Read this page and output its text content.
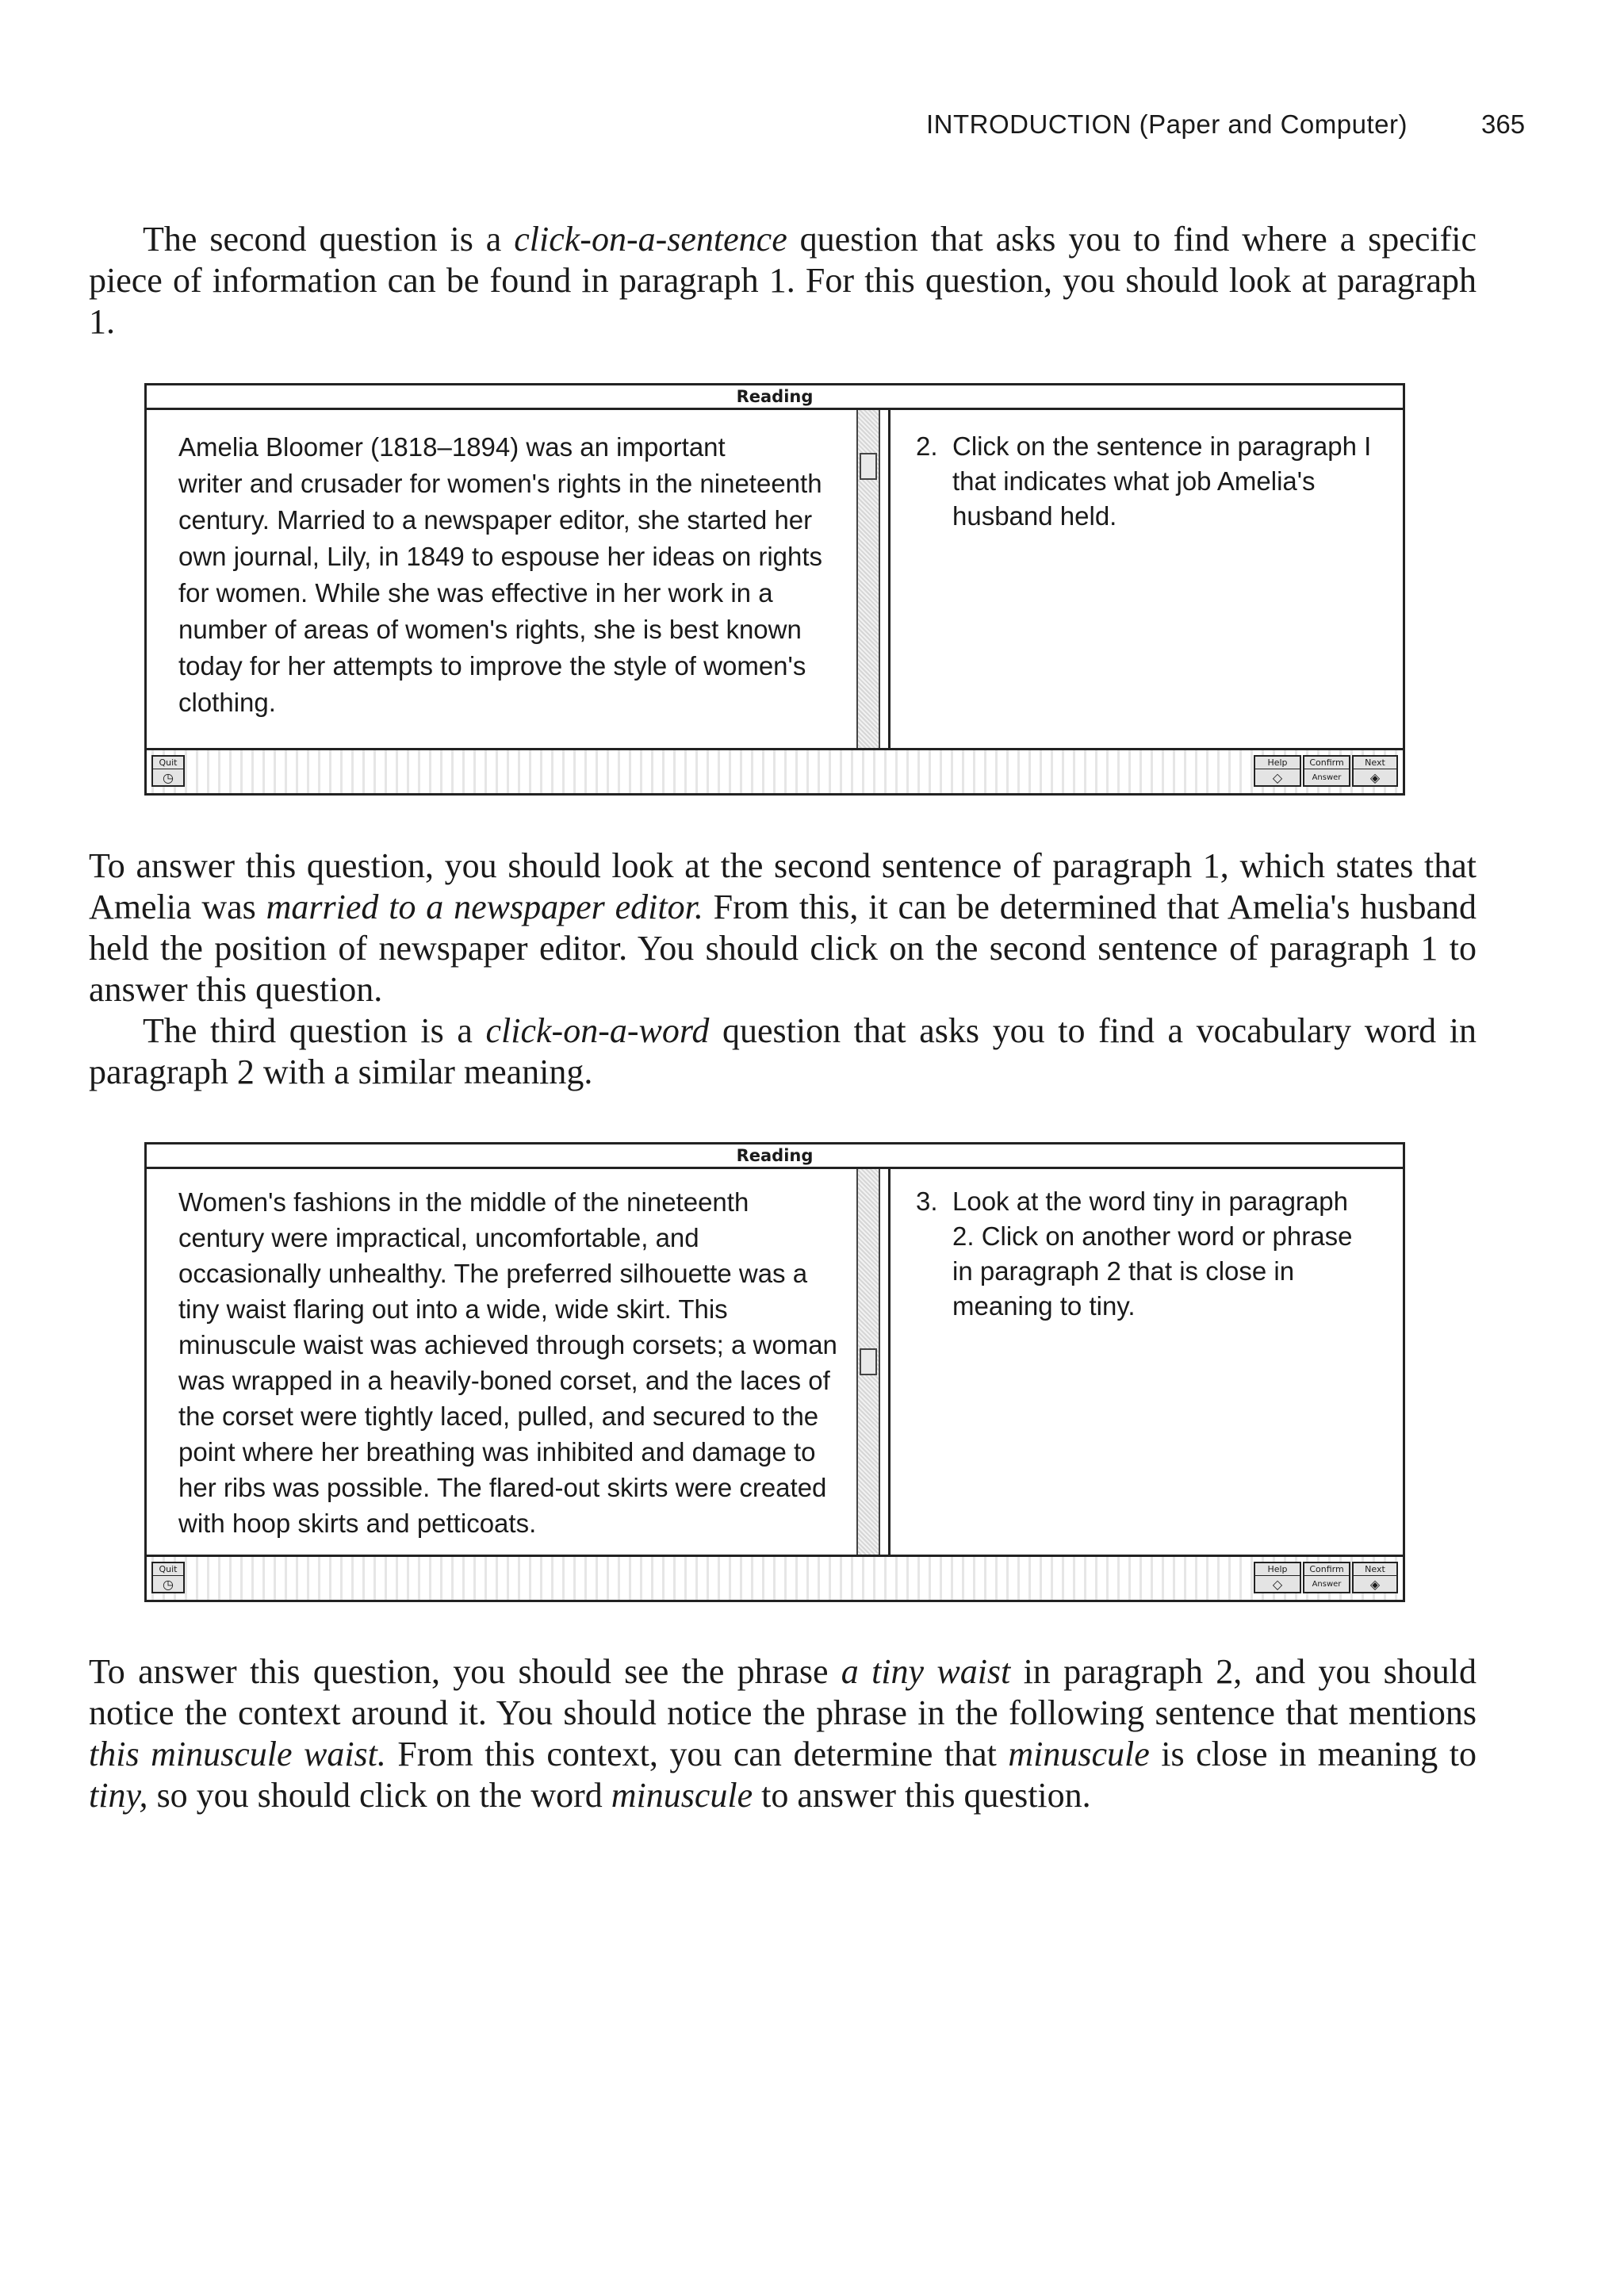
INTRODUCTION (Paper and Computer)	365

The second question is a click-on-a-sentence question that asks you to find where a specific piece of information can be found in paragraph 1. For this question, you should look at paragraph 1.

Reading
Amelia Bloomer (1818–1894) was an important
writer and crusader for women's rights in the nineteenth
century. Married to a newspaper editor, she started her
own journal, Lily, in 1849 to espouse her ideas on rights
for women. While she was effective in her work in a
number of areas of women's rights, she is best known
today for her attempts to improve the style of women's
clothing.
2. Click on the sentence in paragraph I
that indicates what job Amelia's
husband held.
Quit
◷
Help
◇
Confirm
Answer
Next
◈

To answer this question, you should look at the second sentence of paragraph 1, which states that Amelia was married to a newspaper editor. From this, it can be determined that Amelia's husband held the position of newspaper editor. You should click on the second sentence of paragraph 1 to answer this question.

The third question is a click-on-a-word question that asks you to find a vocabulary word in paragraph 2 with a similar meaning.

Reading
Women's fashions in the middle of the nineteenth
century were impractical, uncomfortable, and
occasionally unhealthy. The preferred silhouette was a
tiny waist flaring out into a wide, wide skirt. This
minuscule waist was achieved through corsets; a woman
was wrapped in a heavily-boned corset, and the laces of
the corset were tightly laced, pulled, and secured to the
point where her breathing was inhibited and damage to
her ribs was possible. The flared-out skirts were created
with hoop skirts and petticoats.
3. Look at the word tiny in paragraph
2. Click on another word or phrase
in paragraph 2 that is close in
meaning to tiny.
Quit
◷
Help
◇
Confirm
Answer
Next
◈

To answer this question, you should see the phrase a tiny waist in paragraph 2, and you should notice the context around it. You should notice the phrase in the following sentence that mentions this minuscule waist. From this context, you can determine that minuscule is close in meaning to tiny, so you should click on the word minuscule to answer this question.
